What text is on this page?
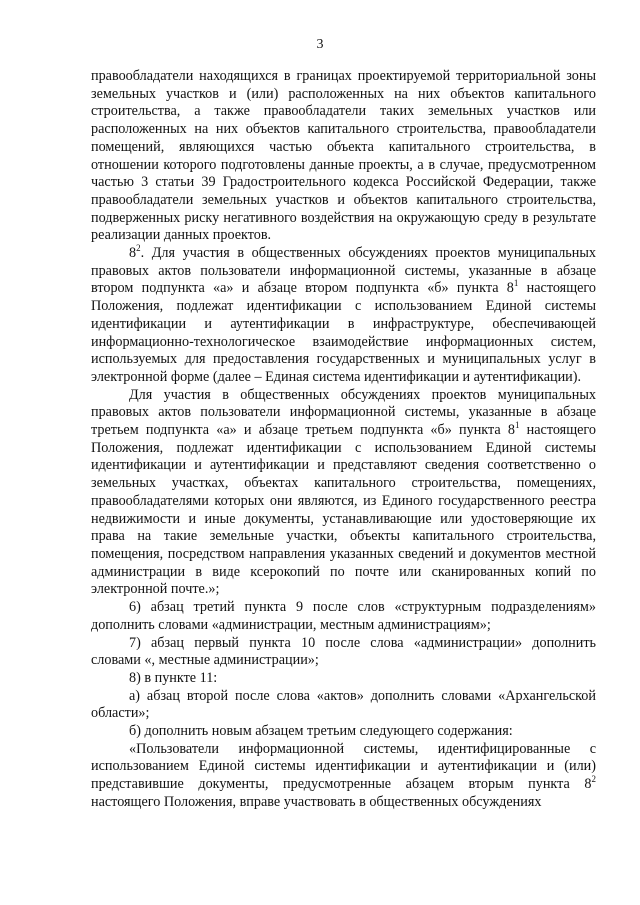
3

правообладатели находящихся в границах проектируемой территориальной зоны земельных участков и (или) расположенных на них объектов капитального строительства, а также правообладатели таких земельных участков или расположенных на них объектов капитального строительства, правообладатели помещений, являющихся частью объекта капитального строительства, в отношении которого подготовлены данные проекты, а в случае, предусмотренном частью 3 статьи 39 Градостроительного кодекса Российской Федерации, также правообладатели земельных участков и объектов капитального строительства, подверженных риску негативного воздействия на окружающую среду в результате реализации данных проектов.

$8^2$. Для участия в общественных обсуждениях проектов муниципальных правовых актов пользователи информационной системы, указанные в абзаце втором подпункта «а» и абзаце втором подпункта «б» пункта $8^1$ настоящего Положения, подлежат идентификации с использованием Единой системы идентификации и аутентификации в инфраструктуре, обеспечивающей информационно-технологическое взаимодействие информационных систем, используемых для предоставления государственных и муниципальных услуг в электронной форме (далее – Единая система идентификации и аутентификации).

Для участия в общественных обсуждениях проектов муниципальных правовых актов пользователи информационной системы, указанные в абзаце третьем подпункта «а» и абзаце третьем подпункта «б» пункта $8^1$ настоящего Положения, подлежат идентификации с использованием Единой системы идентификации и аутентификации и представляют сведения соответственно о земельных участках, объектах капитального строительства, помещениях, правообладателями которых они являются, из Единого государственного реестра недвижимости и иные документы, устанавливающие или удостоверяющие их права на такие земельные участки, объекты капитального строительства, помещения, посредством направления указанных сведений и документов местной администрации в виде ксерокопий по почте или сканированных копий по электронной почте.»;

6) абзац третий пункта 9 после слов «структурным подразделениям» дополнить словами «администрации, местным администрациям»;

7) абзац первый пункта 10 после слова «администрации» дополнить словами «, местные администрации»;

8) в пункте 11:

а) абзац второй после слова «актов» дополнить словами «Архангельской области»;

б) дополнить новым абзацем третьим следующего содержания:

«Пользователи информационной системы, идентифицированные с использованием Единой системы идентификации и аутентификации и (или) представившие документы, предусмотренные абзацем вторым пункта $8^2$ настоящего Положения, вправе участвовать в общественных обсуждениях
